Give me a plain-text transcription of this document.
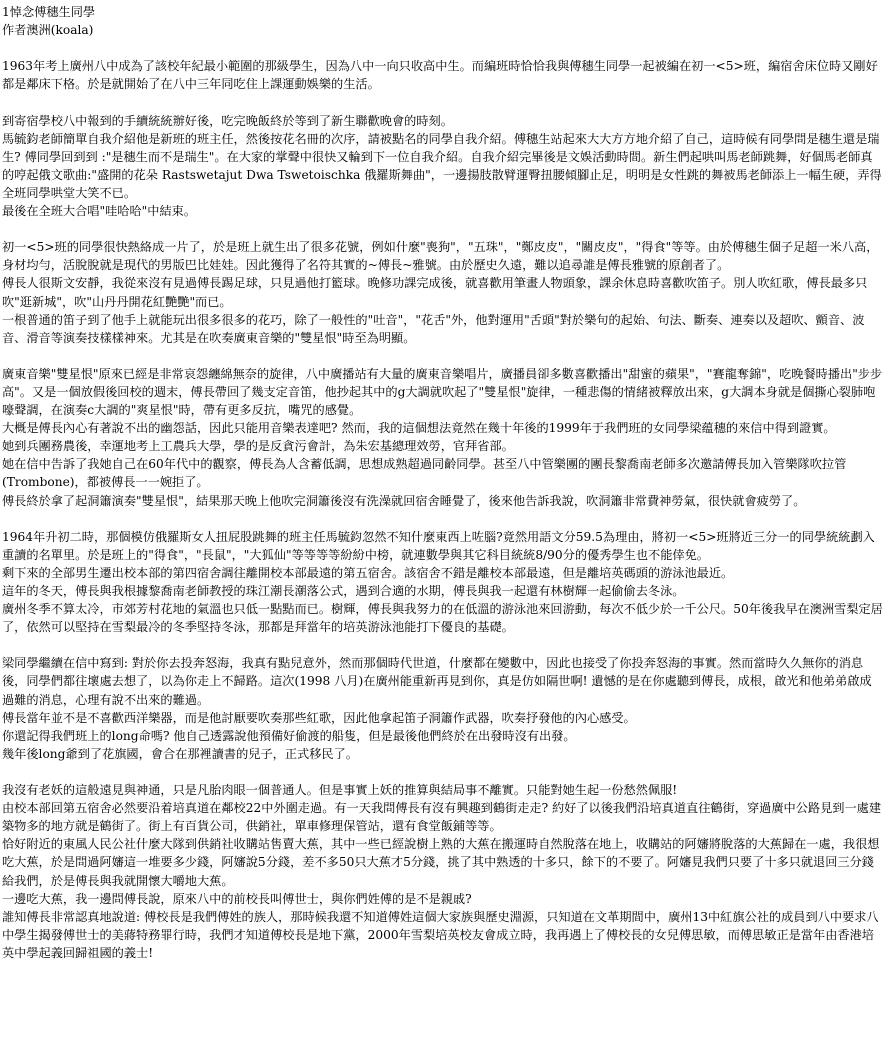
1悼念傅穗生同學
作者澳洲(koala)

1963年考上廣州八中成為了該校年紀最小範圍的那級學生，因為八中一向只收高中生。而編班時恰恰我與傅穗生同學一起被編在初一<5>班，編宿舍床位時又剛好都是鄰床下格。於是就開始了在八中三年同吃住上課運動娛樂的生活。

到寄宿學校八中報到的手續統統辦好後，吃完晚飯終於等到了新生聯歡晚會的時刻。

馬毓鈞老師簡單自我介紹他是新班的班主任，然後按花名冊的次序，請被點名的同學自我介紹。傅穗生站起來大大方方地介紹了自己，這時候有同學問是穗生還是瑞生? 傅同學回到到 :"是穗生而不是瑞生"。在大家的掌聲中很快又輪到下一位自我介紹。自我介紹完畢後是文娛活動時間。新生們起哄叫馬老師跳舞，好個馬老師真的哼起俄文歌曲:"盛開的花朵 Rastswetajut Dwa Tswetoischka 俄羅斯舞曲"，一邊揚肢散臂運臀扭腰傾腳止足，明明是女性跳的舞被馬老師添上一幅生硬，弄得全班同學哄堂大笑不已。

最後在全班大合唱"哇哈哈"中結束。

初一<5>班的同學很快熱絡成一片了，於是班上就生出了很多花號，例如什麼"喪狗"，"五珠"，"鄭皮皮"，"關皮皮"，"得食"等等。由於傅穗生個子足超一米八高，身材均勻，活脫脫就是現代的男版巴比娃娃。因此獲得了名符其實的~傅長~雅號。由於歷史久遠，難以追尋誰是傅長雅號的原創者了。

傅長人很斯文安靜，我從來沒有見過傅長踢足球，只見過他打籃球。晚修功課完成後，就喜歡用筆畫人物頭象，課余休息時喜歡吹笛子。別人吹紅歌，傅長最多只吹"逛新城"，吹"山丹丹開花紅艷艷"而已。

一根普通的笛子到了他手上就能玩出很多很多的花巧，除了一般性的"吐音"，"花舌"外，他對運用"舌頭"對於樂句的起始、句法、斷奏、連奏以及超吹、顫音、波音、滑音等演奏技樣樣神來。尤其是在吹奏廣東音樂的"雙星恨"時至為明顯。

廣東音樂"雙星恨"原來已經是非常哀怨纏綿無奈的旋律，八中廣播站有大量的廣東音樂唱片，廣播員卻多數喜歡播出"甜蜜的蘋果"，"賽龍奪錦"，吃晚餐時播出"步步高"。又是一個放假後回校的週末，傅長帶回了幾支定音笛，他抄起其中的g大調就吹起了"雙星恨"旋律，一種悲傷的情緒被釋放出來，g大調本身就是個撕心裂肺咆嚎聲調，在演奏c大調的"爽星恨"時，帶有更多反抗，嘴咒的感覺。

大概是傅長內心有著說不出的幽怨話，因此只能用音樂表達吧? 然而，我的這個想法竟然在幾十年後的1999年于我們班的女同學梁蕴穗的來信中得到證實。

她到兵團務農後，幸運地考上工農兵大學，學的是反貪污會計，為朱宏基總理效勞，官拜省部。

她在信中告訴了我她自己在60年代中的觀察，傅長為人含蓄低調，思想成熟超過同齡同學。甚至八中管樂團的團長黎喬南老師多次邀請傅長加入管樂隊吹拉管(Trombone)，都被傅長一一婉拒了。

傅長終於拿了起洞簫演奏"雙星恨"，結果那天晚上他吹完洞簫後沒有洗澡就回宿舍睡覺了，後來他告訴我說，吹洞簫非常費神勞氣，很快就會疲勞了。

1964年升初二時，那個模仿俄羅斯女人扭屁股跳舞的班主任馬毓鈞忽然不知什麼東西上咗腦?竟然用語文分59.5為理由，將初一<5>班將近三分一的同學統統劃入重讀的名單里。於是班上的"得食"，"長鼠"，"大狐仙"等等等等紛紛中榜，就連數學與其它科目統統8/90分的優秀學生也不能倖免。

剩下來的全部男生遷出校本部的第四宿舍調往離開校本部最遠的第五宿舍。該宿舍不錯是離校本部最遠，但是離培英碼頭的游泳池最近。

這年的冬天，傅長與我根據黎喬南老師教授的珠江潮長潮落公式，遇到合適的水期，傅長與我一起還有林樹輝一起偷偷去冬泳。

廣州冬季不算太冷，市郊芳村花地的氣溫也只低一點點而已。樹輝，傅長與我努力的在低溫的游泳池來回游動，每次不低少於一千公尺。50年後我早在澳洲雪梨定居了，依然可以堅持在雪梨最冷的冬季堅持冬泳，那都是拜當年的培英游泳池能打下優良的基礎。

梁同學繼續在信中寫到: 對於你去投奔怒海，我真有點兒意外，然而那個時代世道，什麼都在變數中，因此也接受了你投奔怒海的事實。然而當時久久無你的消息後，同學們都往壞處去想了，以為你走上不歸路。這次(1998 八月)在廣州能重新再見到你，真是仿如隔世啊! 遺憾的是在你處聽到傅長，成根，啟光和他弟弟啟成過難的消息，心理有說不出來的難過。

傅長當年並不是不喜歡西洋樂器，而是他討厭要吹奏那些紅歌，因此他拿起笛子洞簫作武器，吹奏抒發他的內心感受。

你還記得我們班上的long命嗎? 他自己透露說他預備好偷渡的船隻，但是最後他們終於在出發時沒有出發。

幾年後long爺到了花旗國，會合在那裡讀書的兒子，正式移民了。

我沒有老妖的這般遠見與神通，只是凡胎肉眼一個普通人。但是事實上妖的推算與結局事不離實。只能對她生起一份愁然佩服!

由校本部回第五宿舍必然要沿着培真道在鄰校22中外圍走過。有一天我問傅長有沒有興趣到鶴街走走? 約好了以後我們沿培真道直往鶴街，穿過廣中公路見到一處建築物多的地方就是鶴街了。街上有百貨公司，供銷社，單車修理保管站，還有食堂飯鋪等等。

恰好附近的東風人民公社什麼大隊到供銷社收購站售賣大蕉，其中一些已經說樹上熟的大蕉在搬運時自然脫落在地上，收購站的阿嬸將脫落的大蕉歸在一處，我很想吃大蕉，於是問過阿嬸這一堆要多少錢，阿嬸說5分錢，差不多50只大蕉才5分錢，挑了其中熟透的十多只，餘下的不要了。阿嬸見我們只要了十多只就退回三分錢給我們，於是傅長與我就開懷大嚼地大蕉。

一邊吃大蕉，我一邊問傅長說，原來八中的前校長叫傅世士，與你們姓傅的是不是親戚?

誰知傅長非常認真地說道: 傅校長是我們傅姓的族人，那時候我還不知道傅姓這個大家族與歷史淵源，只知道在文革期間中，廣州13中紅旗公社的成員到八中要求八中學生揭發傅世士的美蔣特務罪行時，我們才知道傅校長是地下黨，2000年雪梨培英校友會成立時，我再遇上了傅校長的女兒傅思敏，而傅思敏正是當年由香港培英中學起義回歸祖國的義士!
